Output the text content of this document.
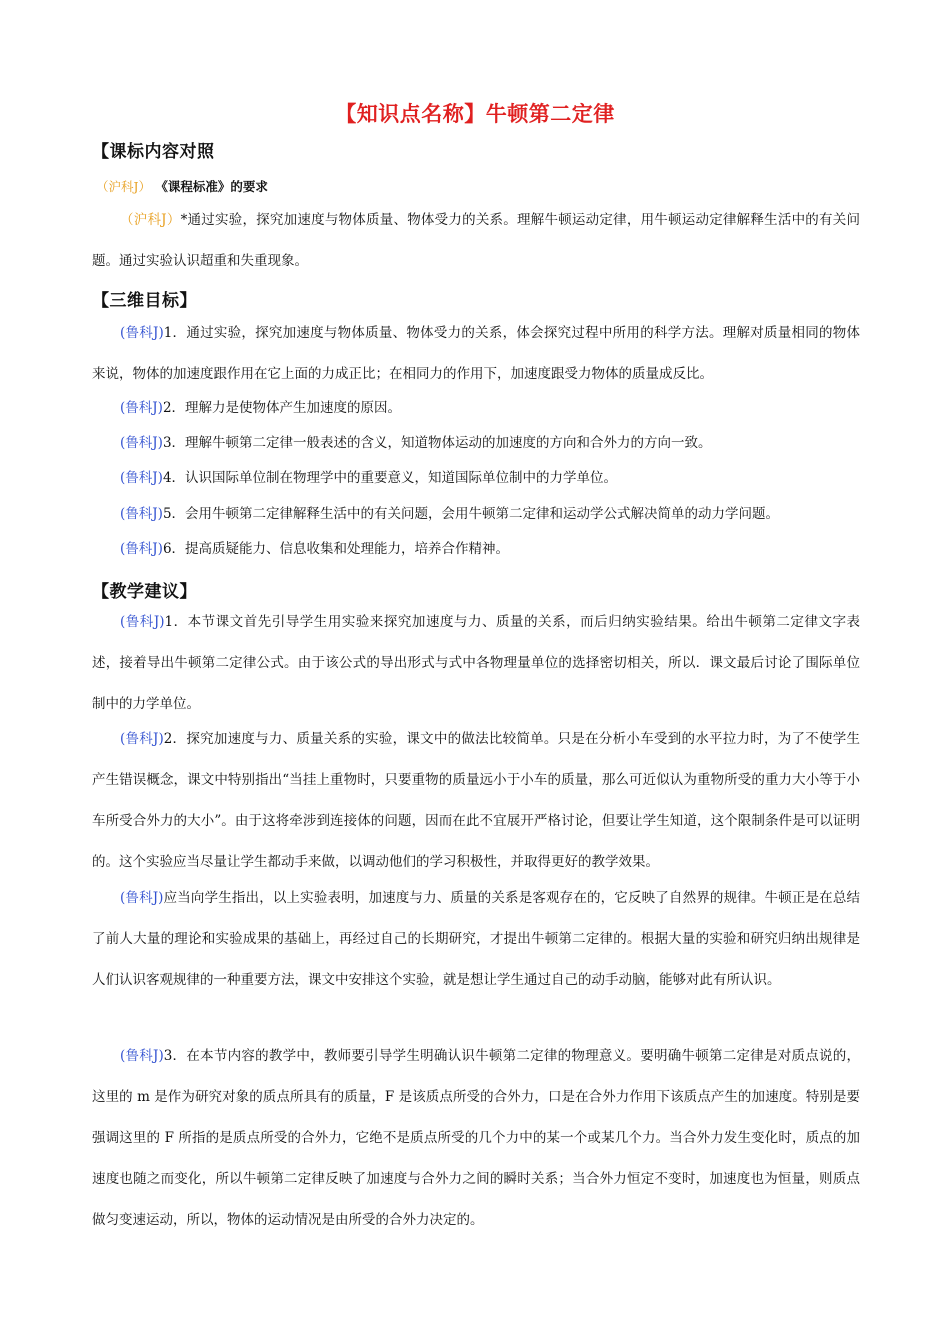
【知识点名称】牛顿第二定律
【课标内容对照
（沪科J） 《课程标准》的要求
（沪科J）*通过实验，探究加速度与物体质量、物体受力的关系。理解牛顿运动定律，用牛顿运动定律解释生活中的有关问题。通过实验认识超重和失重现象。
【三维目标】
(鲁科J)1．通过实验，探究加速度与物体质量、物体受力的关系，体会探究过程中所用的科学方法。理解对质量相同的物体来说，物体的加速度跟作用在它上面的力成正比；在相同力的作用下，加速度跟受力物体的质量成反比。
(鲁科J)2．理解力是使物体产生加速度的原因。
(鲁科J)3．理解牛顿第二定律一般表述的含义，知道物体运动的加速度的方向和合外力的方向一致。
(鲁科J)4．认识国际单位制在物理学中的重要意义，知道国际单位制中的力学单位。
(鲁科J)5．会用牛顿第二定律解释生活中的有关问题，会用牛顿第二定律和运动学公式解决简单的动力学问题。
(鲁科J)6．提高质疑能力、信息收集和处理能力，培养合作精神。
【教学建议】
(鲁科J)1．本节课文首先引导学生用实验来探究加速度与力、质量的关系，而后归纳实验结果。给出牛顿第二定律文字表述，接着导出牛顿第二定律公式。由于该公式的导出形式与式中各物理量单位的选择密切相关，所以．课文最后讨论了围际单位制中的力学单位。
(鲁科J)2．探究加速度与力、质量关系的实验，课文中的做法比较简单。只是在分析小车受到的水平拉力时，为了不使学生产生错误概念，课文中特别指出“当挂上重物时，只要重物的质量远小于小车的质量，那么可近似认为重物所受的重力大小等于小车所受合外力的大小”。由于这将牵涉到连接体的问题，因而在此不宜展开严格讨论，但要让学生知道，这个限制条件是可以证明的。这个实验应当尽量让学生都动手来做，以调动他们的学习积极性，并取得更好的教学效果。
(鲁科J)应当向学生指出，以上实验表明，加速度与力、质量的关系是客观存在的，它反映了自然界的规律。牛顿正是在总结了前人大量的理论和实验成果的基础上，再经过自己的长期研究，才提出牛顿第二定律的。根据大量的实验和研究归纳出规律是人们认识客观规律的一种重要方法，课文中安排这个实验，就是想让学生通过自己的动手动脑，能够对此有所认识。
(鲁科J)3．在本节内容的教学中，教师要引导学生明确认识牛顿第二定律的物理意义。要明确牛顿第二定律是对质点说的，这里的 m 是作为研究对象的质点所具有的质量，F 是该质点所受的合外力，口是在合外力作用下该质点产生的加速度。特别是要强调这里的 F 所指的是质点所受的合外力，它绝不是质点所受的几个力中的某一个或某几个力。当合外力发生变化时，质点的加速度也随之而变化，所以牛顿第二定律反映了加速度与合外力之间的瞬时关系；当合外力恒定不变时，加速度也为恒量，则质点做匀变速运动，所以，物体的运动情况是由所受的合外力决定的。
